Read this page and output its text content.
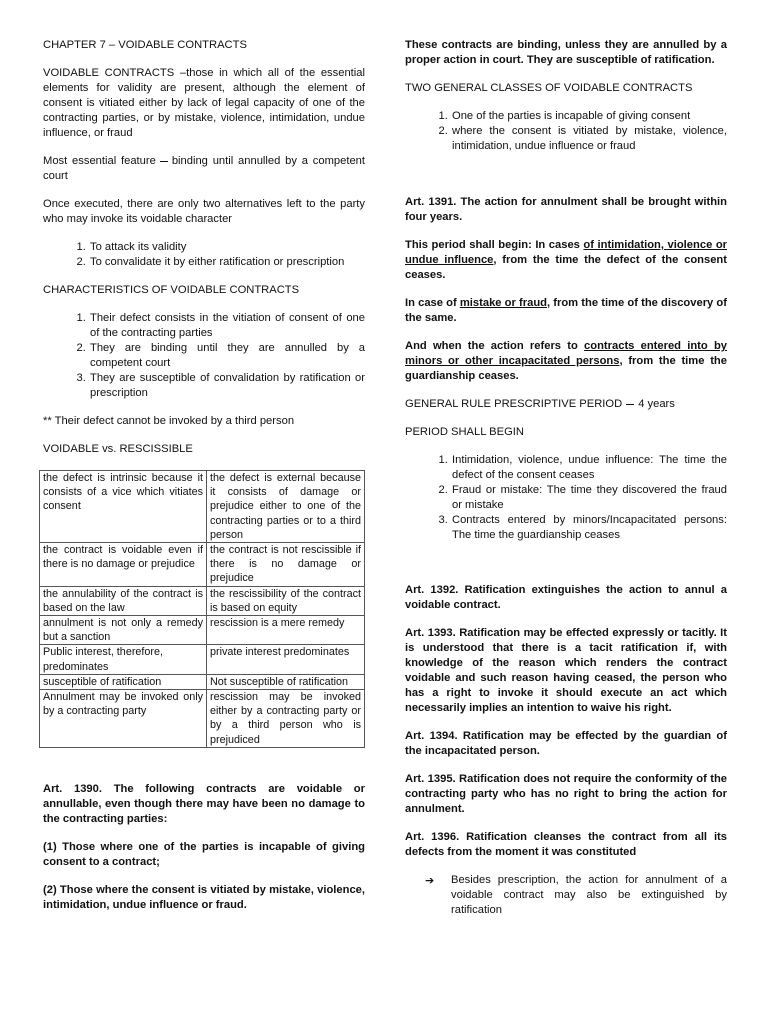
CHAPTER 7 – VOIDABLE CONTRACTS

VOIDABLE CONTRACTS –those in which all of the essential elements for validity are present, although the element of consent is vitiated either by lack of legal capacity of one of the contracting parties, or by mistake, violence, intimidation, undue influence, or fraud

Most essential feature binding until annulled by a competent court

Once executed, there are only two alternatives left to the party who may invoke its voidable character

1. To attack its validity
2. To convalidate it by either ratification or prescription

CHARACTERISTICS OF VOIDABLE CONTRACTS

1. Their defect consists in the vitiation of consent of one of the contracting parties
2. They are binding until they are annulled by a competent court
3. They are susceptible of convalidation by ratification or prescription

** Their defect cannot be invoked by a third person

VOIDABLE vs. RESCISSIBLE

the defect is intrinsic because it consists of a vice which vitiates consent	the defect is external because it consists of damage or prejudice either to one of the contracting parties or to a third person
the contract is voidable even if there is no damage or prejudice	the contract is not rescissible if there is no damage or prejudice
the annulability of the contract is based on the law	the rescissibility of the contract is based on equity
annulment is not only a remedy but a sanction	rescission is a mere remedy
Public interest, therefore, predominates	private interest predominates
susceptible of ratification	Not susceptible of ratification
Annulment may be invoked only by a contracting party	rescission may be invoked either by a contracting party or by a third person who is prejudiced

Art. 1390. The following contracts are voidable or annullable, even though there may have been no damage to the contracting parties:

(1) Those where one of the parties is incapable of giving consent to a contract;

(2) Those where the consent is vitiated by mistake, violence, intimidation, undue influence or fraud.

These contracts are binding, unless they are annulled by a proper action in court. They are susceptible of ratification.

TWO GENERAL CLASSES OF VOIDABLE CONTRACTS

1. One of the parties is incapable of giving consent
2. where the consent is vitiated by mistake, violence, intimidation, undue influence or fraud

Art. 1391. The action for annulment shall be brought within four years.

This period shall begin: In cases of intimidation, violence or undue influence, from the time the defect of the consent ceases.

In case of mistake or fraud, from the time of the discovery of the same.

And when the action refers to contracts entered into by minors or other incapacitated persons, from the time the guardianship ceases.

GENERAL RULE PRESCRIPTIVE PERIOD 4 years

PERIOD SHALL BEGIN

1. Intimidation, violence, undue influence: The time the defect of the consent ceases
2. Fraud or mistake: The time they discovered the fraud or mistake
3. Contracts entered by minors/Incapacitated persons: The time the guardianship ceases

Art. 1392. Ratification extinguishes the action to annul a voidable contract.

Art. 1393. Ratification may be effected expressly or tacitly. It is understood that there is a tacit ratification if, with knowledge of the reason which renders the contract voidable and such reason having ceased, the person who has a right to invoke it should execute an act which necessarily implies an intention to waive his right.

Art. 1394. Ratification may be effected by the guardian of the incapacitated person.

Art. 1395. Ratification does not require the conformity of the contracting party who has no right to bring the action for annulment.

Art. 1396. Ratification cleanses the contract from all its defects from the moment it was constituted

➔ Besides prescription, the action for annulment of a voidable contract may also be extinguished by ratification
